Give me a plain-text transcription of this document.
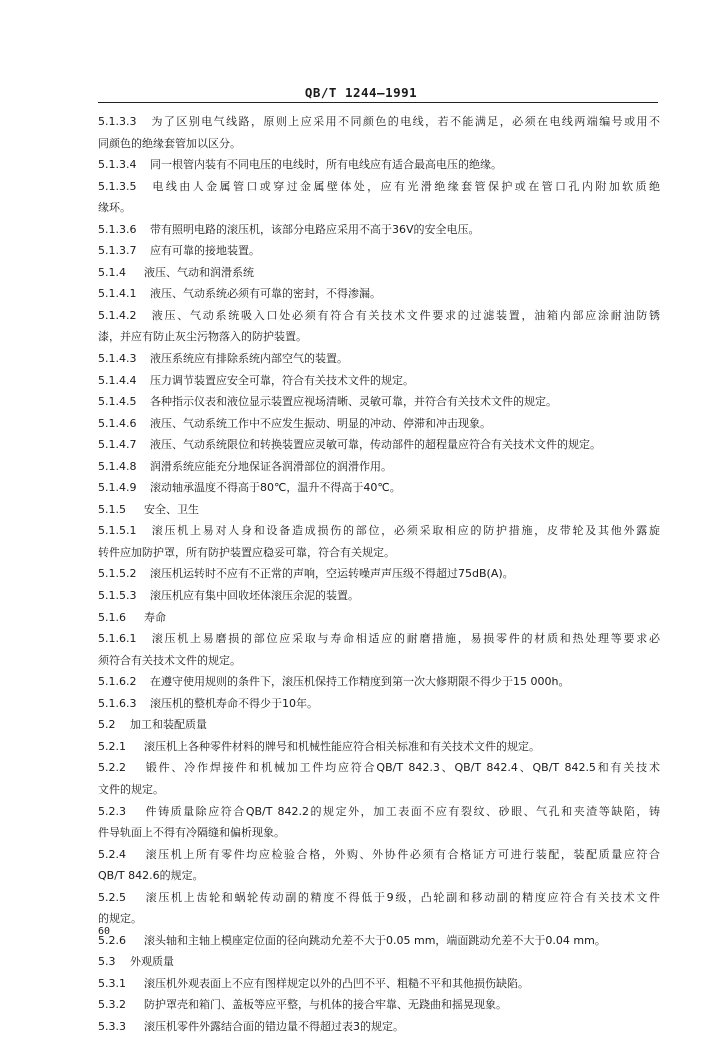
QB/T 1244—1991
5.1.3.3 为了区别电气线路，原则上应采用不同颜色的电线，若不能满足，必须在电线两端编号或用不
同颜色的绝缘套管加以区分。
5.1.3.4 同一根管内装有不同电压的电线时，所有电线应有适合最高电压的绝缘。
5.1.3.5 电线由人金属管口或穿过金属壁体处，应有光滑绝缘套管保护或在管口孔内附加软质绝
缘环。
5.1.3.6 带有照明电路的滚压机，该部分电路应采用不高于36V的安全电压。
5.1.3.7 应有可靠的接地装置。
5.1.4 液压、气动和润滑系统
5.1.4.1 液压、气动系统必须有可靠的密封，不得渗漏。
5.1.4.2 液压、气动系统吸入口处必须有符合有关技术文件要求的过滤装置，油箱内部应涂耐油防锈
漆，并应有防止灰尘污物落入的防护装置。
5.1.4.3 液压系统应有排除系统内部空气的装置。
5.1.4.4 压力调节装置应安全可靠，符合有关技术文件的规定。
5.1.4.5 各种指示仪表和液位显示装置应视场清晰、灵敏可靠，并符合有关技术文件的规定。
5.1.4.6 液压、气动系统工作中不应发生振动、明显的冲动、停滞和冲击现象。
5.1.4.7 液压、气动系统限位和转换装置应灵敏可靠，传动部件的超程量应符合有关技术文件的规定。
5.1.4.8 润滑系统应能充分地保证各润滑部位的润滑作用。
5.1.4.9 滚动轴承温度不得高于80℃，温升不得高于40℃。
5.1.5 安全、卫生
5.1.5.1 滚压机上易对人身和设备造成损伤的部位，必须采取相应的防护措施，皮带轮及其他外露旋
转件应加防护罩，所有防护装置应稳妥可靠，符合有关规定。
5.1.5.2 滚压机运转时不应有不正常的声响，空运转噪声声压级不得超过75dB(A)。
5.1.5.3 滚压机应有集中回收坯体滚压余泥的装置。
5.1.6 寿命
5.1.6.1 滚压机上易磨损的部位应采取与寿命相适应的耐磨措施，易损零件的材质和热处理等要求必
须符合有关技术文件的规定。
5.1.6.2 在遵守使用规则的条件下，滚压机保持工作精度到第一次大修期限不得少于15 000h。
5.1.6.3 滚压机的整机寿命不得少于10年。
5.2 加工和装配质量
5.2.1 滚压机上各种零件材料的牌号和机械性能应符合相关标准和有关技术文件的规定。
5.2.2 锻件、冷作焊接件和机械加工件均应符合QB/T 842.3、QB/T 842.4、QB/T 842.5和有关技术
文件的规定。
5.2.3 件铸质量除应符合QB/T 842.2的规定外，加工表面不应有裂纹、砂眼、气孔和夹渣等缺陷，铸
件导轨面上不得有冷隔缝和偏析现象。
5.2.4 滚压机上所有零件均应检验合格，外购、外协件必须有合格证方可进行装配，装配质量应符合
QB/T 842.6的规定。
5.2.5 滚压机上齿轮和蜗轮传动副的精度不得低于9级，凸轮副和移动副的精度应符合有关技术文件
的规定。
5.2.6 滚头轴和主轴上模座定位面的径向跳动允差不大于0.05 mm，端面跳动允差不大于0.04 mm。
5.3 外观质量
5.3.1 滚压机外观表面上不应有图样规定以外的凸凹不平、粗糙不平和其他损伤缺陷。
5.3.2 防护罩壳和箱门、盖板等应平整，与机体的接合牢靠、无跷曲和摇晃现象。
5.3.3 滚压机零件外露结合面的错边量不得超过表3的规定。
60
